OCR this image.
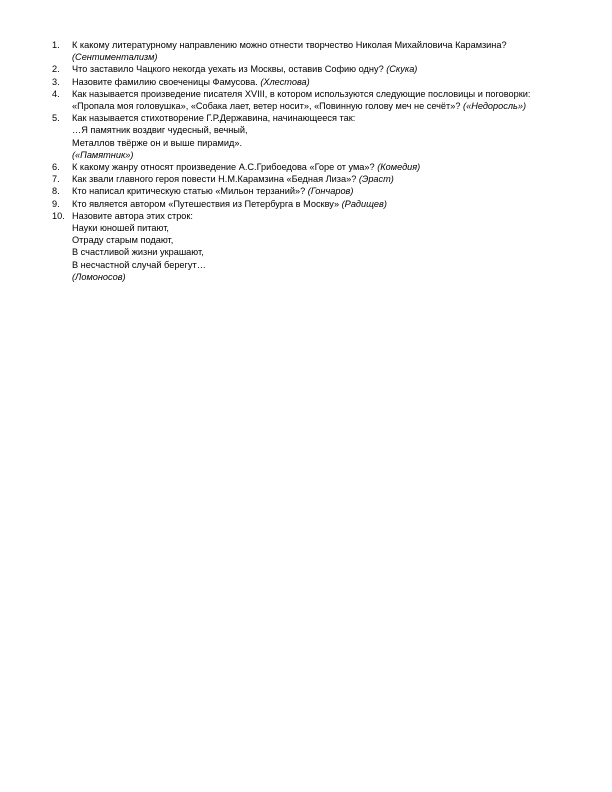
1.	К какому литературному направлению можно отнести творчество Николая Михайловича Карамзина? (Сентиментализм)
2.	Что заставило Чацкого некогда уехать из Москвы, оставив Софию одну? (Скука)
3.	Назовите фамилию своеченицы Фамусова. (Хлестова)
4.	Как называется произведение писателя XVIII, в котором используются следующие пословицы и поговорки: «Пропала моя головушка», «Собака лает, ветер носит», «Повинную голову меч не сечёт»? («Недоросль»)
5.	Как называется стихотворение Г.Р.Державина, начинающееся так:
…Я памятник воздвиг чудесный, вечный,
Металлов твёрже он и выше пирамид».
(«Памятник»)
6.	К какому жанру относят произведение А.С.Грибоедова «Горе от ума»? (Комедия)
7.	Как звали главного героя повести Н.М.Карамзина «Бедная Лиза»? (Эраст)
8.	Кто написал критическую статью «Мильон терзаний»? (Гончаров)
9.	Кто является автором «Путешествия из Петербурга в Москву» (Радищев)
10. Назовите автора этих строк:
Науки юношей питают,
Отраду старым подают,
В счастливой жизни украшают,
В несчастной случай берегут…
(Ломоносов)
